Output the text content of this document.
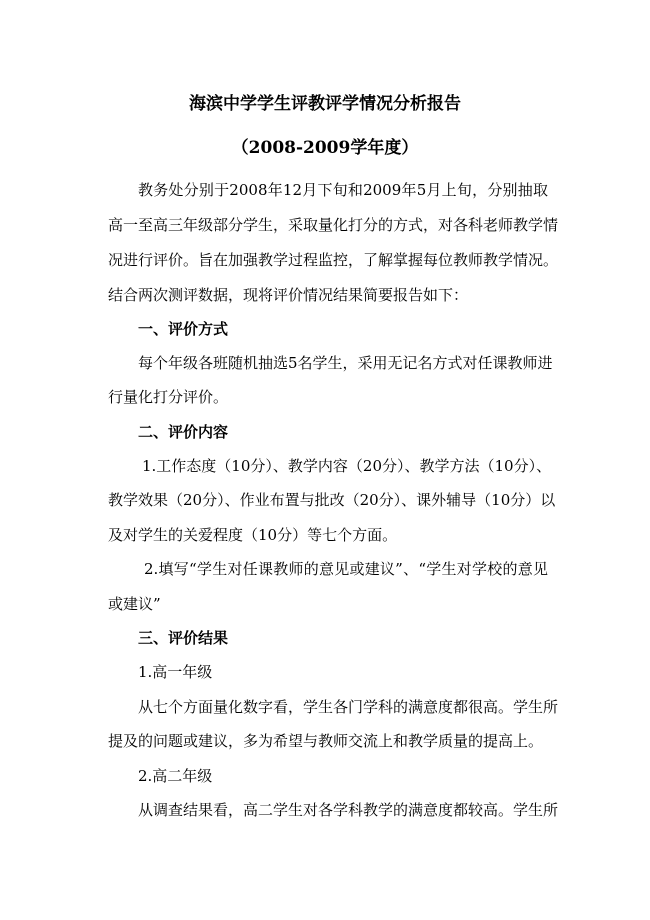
海滨中学学生评教评学情况分析报告
（2008-2009学年度）
教务处分别于2008年12月下旬和2009年5月上旬，分别抽取
高一至高三年级部分学生，采取量化打分的方式，对各科老师教学情
况进行评价。旨在加强教学过程监控，了解掌握每位教师教学情况。
结合两次测评数据，现将评价情况结果简要报告如下：
一、评价方式
每个年级各班随机抽选5名学生，采用无记名方式对任课教师进
行量化打分评价。
二、评价内容
1.工作态度（10分）、教学内容（20分）、教学方法（10分）、
教学效果（20分）、作业布置与批改（20分）、课外辅导（10分）以
及对学生的关爱程度（10分）等七个方面。
2.填写“学生对任课教师的意见或建议”、“学生对学校的意见
或建议”
三、评价结果
1.高一年级
从七个方面量化数字看，学生各门学科的满意度都很高。学生所
提及的问题或建议，多为希望与教师交流上和教学质量的提高上。
2.高二年级
从调查结果看，高二学生对各学科教学的满意度都较高。学生所
